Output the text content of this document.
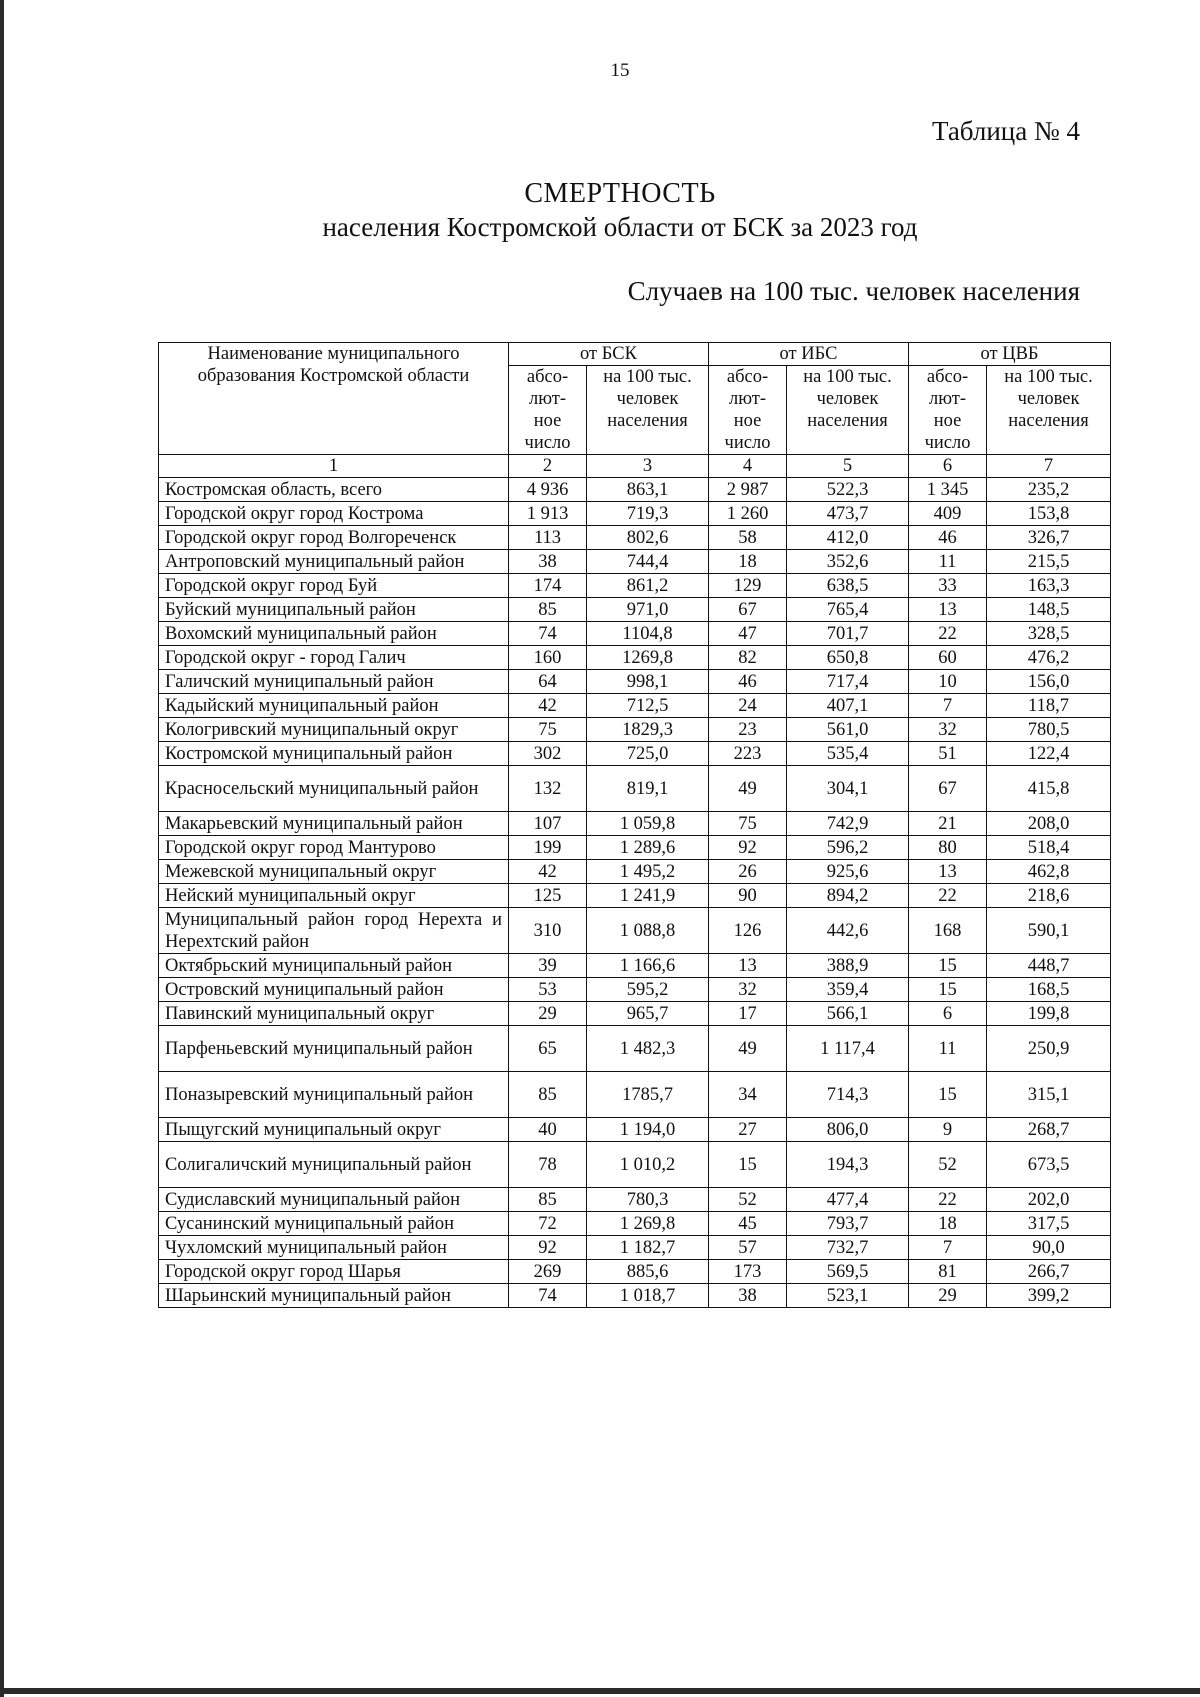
15
Таблица № 4
СМЕРТНОСТЬ
населения Костромской области от БСК за 2023 год
Случаев на 100 тыс. человек населения
Наименование муниципального образования Костромской области	от БСК		от ИБС		от ЦВБ	
	абсо-
лют-
ное
число	на 100 тыс.
человек
населения	абсо-
лют-
ное
число	на 100 тыс.
человек
населения	абсо-
лют-
ное
число	на 100 тыс.
человек
населения
1	2	3	4	5	6	7
Костромская область, всего	4 936	863,1	2 987	522,3	1 345	235,2
Городской округ город Кострома	1 913	719,3	1 260	473,7	409	153,8
Городской округ город Волгореченск	113	802,6	58	412,0	46	326,7
Антроповский муниципальный район	38	744,4	18	352,6	11	215,5
Городской округ город Буй	174	861,2	129	638,5	33	163,3
Буйский муниципальный район	85	971,0	67	765,4	13	148,5
Вохомский муниципальный район	74	1104,8	47	701,7	22	328,5
Городской округ - город Галич	160	1269,8	82	650,8	60	476,2
Галичский муниципальный район	64	998,1	46	717,4	10	156,0
Кадыйский муниципальный район	42	712,5	24	407,1	7	118,7
Кологривский муниципальный округ	75	1829,3	23	561,0	32	780,5
Костромской муниципальный район	302	725,0	223	535,4	51	122,4
Красносельский муниципальный район	132	819,1	49	304,1	67	415,8
Макарьевский муниципальный район	107	1 059,8	75	742,9	21	208,0
Городской округ город Мантурово	199	1 289,6	92	596,2	80	518,4
Межевской муниципальный округ	42	1 495,2	26	925,6	13	462,8
Нейский муниципальный округ	125	1 241,9	90	894,2	22	218,6
Муниципальный район город Нерехта и Нерехтский район	310	1 088,8	126	442,6	168	590,1
Октябрьский муниципальный район	39	1 166,6	13	388,9	15	448,7
Островский муниципальный район	53	595,2	32	359,4	15	168,5
Павинский муниципальный округ	29	965,7	17	566,1	6	199,8
Парфеньевский муниципальный район	65	1 482,3	49	1 117,4	11	250,9
Поназыревский муниципальный район	85	1785,7	34	714,3	15	315,1
Пыщугский муниципальный округ	40	1 194,0	27	806,0	9	268,7
Солигаличский муниципальный район	78	1 010,2	15	194,3	52	673,5
Судиславский муниципальный район	85	780,3	52	477,4	22	202,0
Сусанинский муниципальный район	72	1 269,8	45	793,7	18	317,5
Чухломский муниципальный район	92	1 182,7	57	732,7	7	90,0
Городской округ город Шарья	269	885,6	173	569,5	81	266,7
Шарьинский муниципальный район	74	1 018,7	38	523,1	29	399,2
